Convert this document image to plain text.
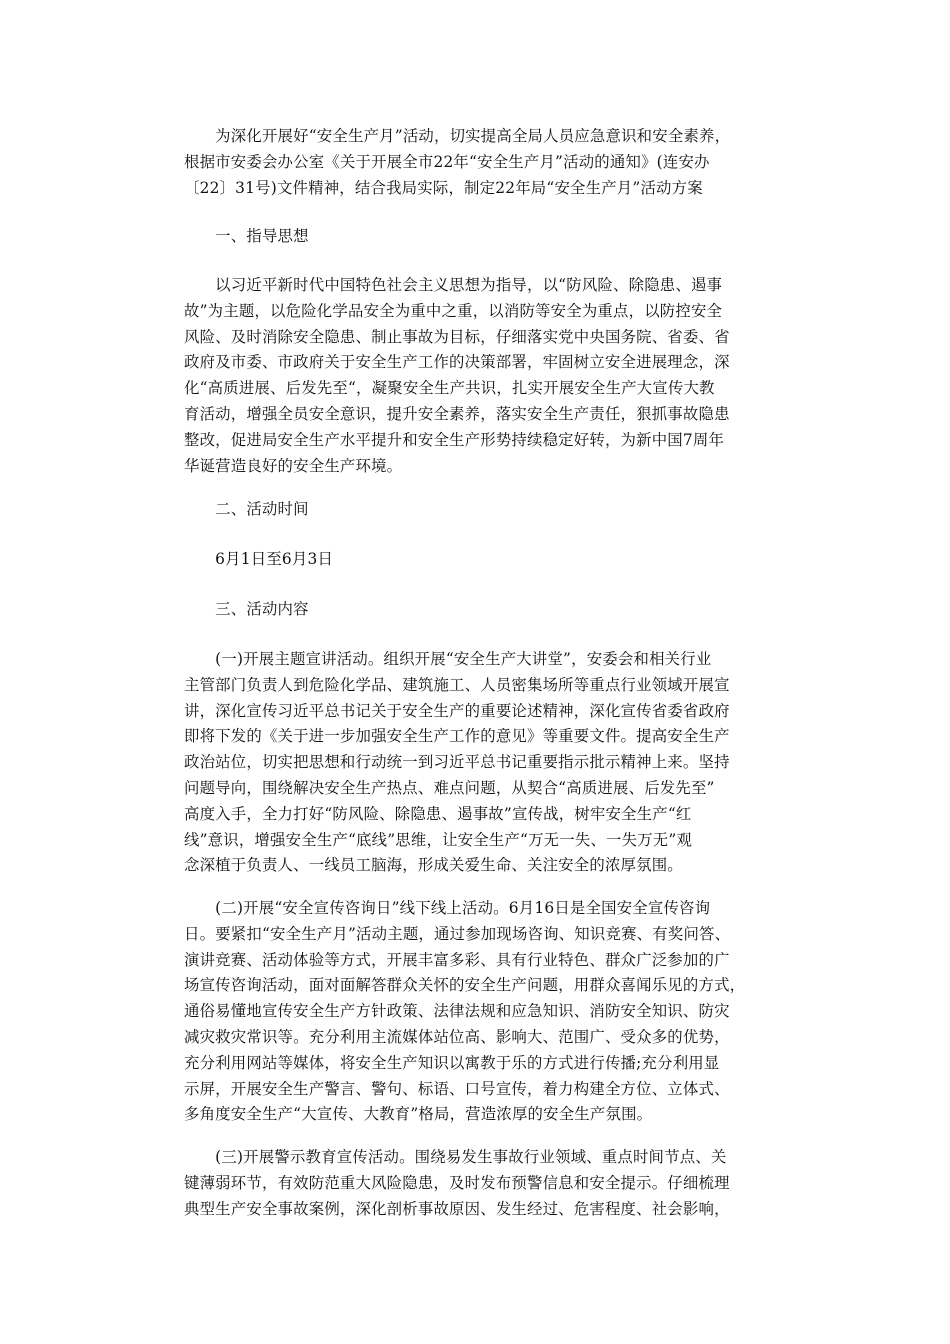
　　为深化开展好“安全生产月”活动，切实提高全局人员应急意识和安全素养，
根据市安委会办公室《关于开展全市22年“安全生产月”活动的通知》(连安办
〔22〕31号)文件精神，结合我局实际，制定22年局“安全生产月”活动方案
　　一、指导思想
　　以习近平新时代中国特色社会主义思想为指导，以“防风险、除隐患、遏事
故”为主题，以危险化学品安全为重中之重，以消防等安全为重点，以防控安全
风险、及时消除安全隐患、制止事故为目标，仔细落实党中央国务院、省委、省
政府及市委、市政府关于安全生产工作的决策部署，牢固树立安全进展理念，深
化“高质进展、后发先至“，凝聚安全生产共识，扎实开展安全生产大宣传大教
育活动，增强全员安全意识，提升安全素养，落实安全生产责任，狠抓事故隐患
整改，促进局安全生产水平提升和安全生产形势持续稳定好转，为新中国7周年
华诞营造良好的安全生产环境。
　　二、活动时间
　　6月1日至6月3日
　　三、活动内容
　　(一)开展主题宣讲活动。组织开展“安全生产大讲堂”，安委会和相关行业
主管部门负责人到危险化学品、建筑施工、人员密集场所等重点行业领域开展宣
讲，深化宣传习近平总书记关于安全生产的重要论述精神，深化宣传省委省政府
即将下发的《关于进一步加强安全生产工作的意见》等重要文件。提高安全生产
政治站位，切实把思想和行动统一到习近平总书记重要指示批示精神上来。坚持
问题导向，围绕解决安全生产热点、难点问题，从契合“高质进展、后发先至”
高度入手，全力打好“防风险、除隐患、遏事故”宣传战，树牢安全生产“红
线”意识，增强安全生产“底线”思维，让安全生产“万无一失、一失万无”观
念深植于负责人、一线员工脑海，形成关爱生命、关注安全的浓厚氛围。
　　(二)开展“安全宣传咨询日”线下线上活动。6月16日是全国安全宣传咨询
日。要紧扣“安全生产月”活动主题，通过参加现场咨询、知识竞赛、有奖问答、
演讲竞赛、活动体验等方式，开展丰富多彩、具有行业特色、群众广泛参加的广
场宣传咨询活动，面对面解答群众关怀的安全生产问题，用群众喜闻乐见的方式，
通俗易懂地宣传安全生产方针政策、法律法规和应急知识、消防安全知识、防灾
减灾救灾常识等。充分利用主流媒体站位高、影响大、范围广、受众多的优势，
充分利用网站等媒体，将安全生产知识以寓教于乐的方式进行传播;充分利用显
示屏，开展安全生产警言、警句、标语、口号宣传，着力构建全方位、立体式、
多角度安全生产“大宣传、大教育”格局，营造浓厚的安全生产氛围。
　　(三)开展警示教育宣传活动。围绕易发生事故行业领域、重点时间节点、关
键薄弱环节，有效防范重大风险隐患，及时发布预警信息和安全提示。仔细梳理
典型生产安全事故案例，深化剖析事故原因、发生经过、危害程度、社会影响，
